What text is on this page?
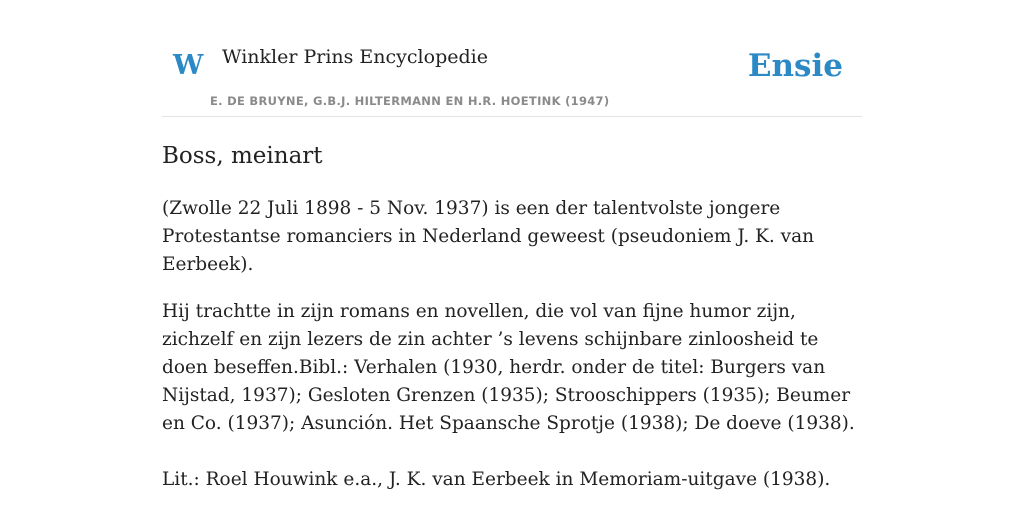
W Winkler Prins Encyclopedie
E. DE BRUYNE, G.B.J. HILTERMANN EN H.R. HOETINK (1947)
Ensie
Boss, meinart

(Zwolle 22 Juli 1898 - 5 Nov. 1937) is een der talentvolste jongere Protestantse romanciers in Nederland geweest (pseudoniem J. K. van Eerbeek).

Hij trachtte in zijn romans en novellen, die vol van fijne humor zijn, zichzelf en zijn lezers de zin achter ’s levens schijnbare zinloosheid te doen beseffen.Bibl.: Verhalen (1930, herdr. onder de titel: Burgers van Nijstad, 1937); Gesloten Grenzen (1935); Strooschippers (1935); Beumer en Co. (1937); Asunción. Het Spaansche Sprotje (1938); De doeve (1938).

Lit.: Roel Houwink e.a., J. K. van Eerbeek in Memoriam-uitgave (1938).
